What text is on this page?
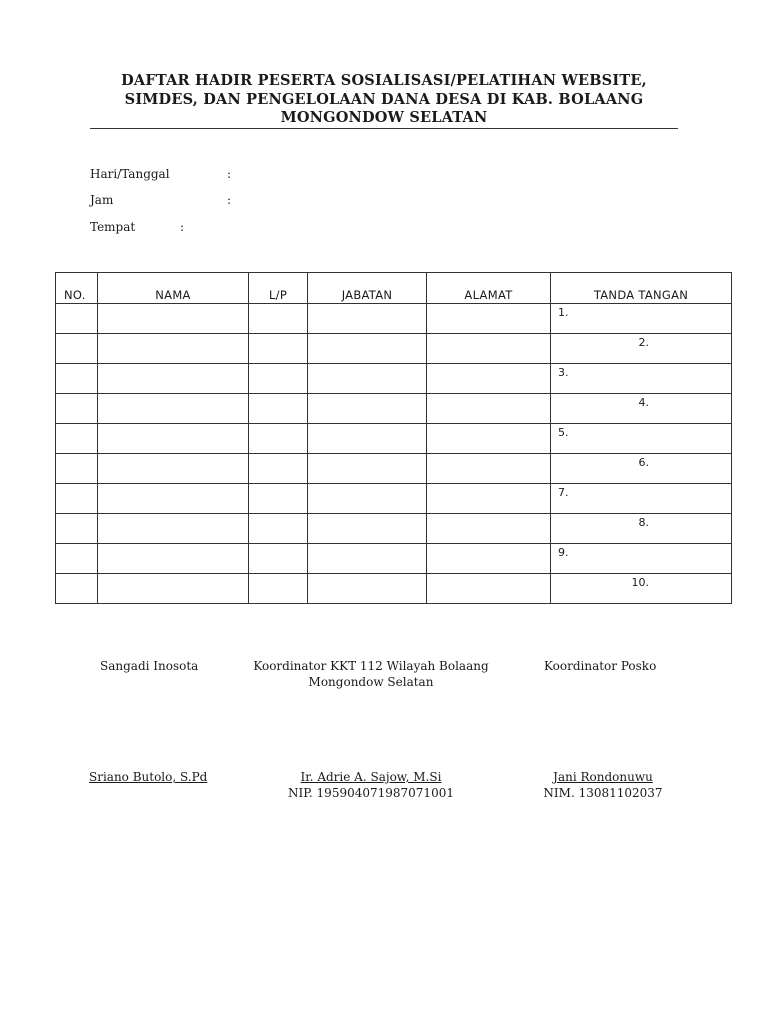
DAFTAR HADIR PESERTA SOSIALISASI/PELATIHAN WEBSITE,
SIMDES, DAN PENGELOLAAN DANA DESA DI KAB. BOLAANG
MONGONDOW SELATAN
Hari/Tanggal	:
Jam	:
Tempat	:
NO.	NAMA	L/P	JABATAN	ALAMAT	TANDA TANGAN

					1.

					2.

					3.

					4.

					5.

					6.

					7.

					8.

					9.

					10.
Sangadi Inosota	Koordinator KKT 112 Wilayah Bolaang
Mongondow Selatan
Koordinator Posko
Sriano Butolo, S.Pd	Ir. Adrie A. Sajow, M.Si
NIP. 195904071987071001
Jani Rondonuwu
NIM. 13081102037
